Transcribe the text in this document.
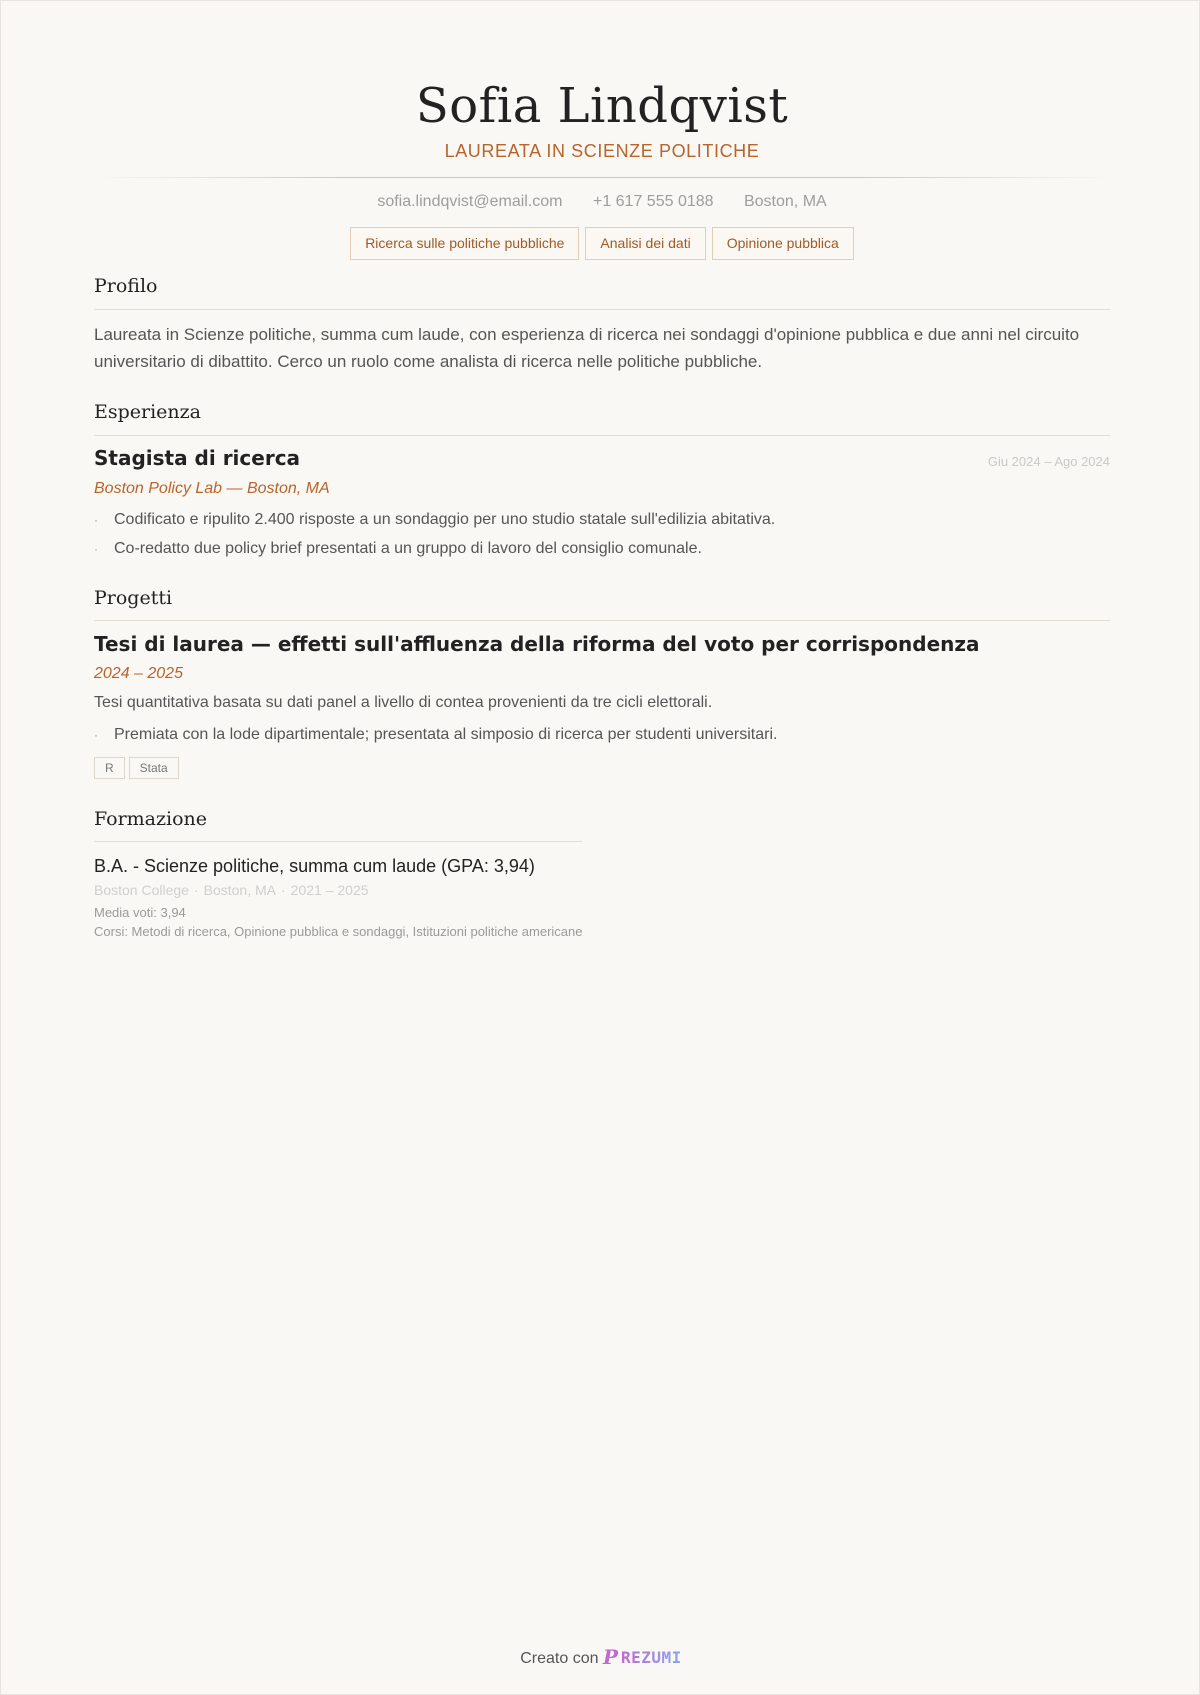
Sofia Lindqvist
LAUREATA IN SCIENZE POLITICHE
sofia.lindqvist@email.com +1 617 555 0188 Boston, MA
Ricerca sulle politiche pubbliche	Analisi dei dati	Opinione pubblica
Profilo
Laureata in Scienze politiche, summa cum laude, con esperienza di ricerca nei sondaggi d'opinione pubblica e due anni nel circuito universitario di dibattito. Cerco un ruolo come analista di ricerca nelle politiche pubbliche.
Esperienza
Stagista di ricerca	Giu 2024 – Ago 2024
Boston Policy Lab — Boston, MA
· Codificato e ripulito 2.400 risposte a un sondaggio per uno studio statale sull'edilizia abitativa.
· Co-redatto due policy brief presentati a un gruppo di lavoro del consiglio comunale.
Progetti
Tesi di laurea — effetti sull'affluenza della riforma del voto per corrispondenza
2024 – 2025
Tesi quantitativa basata su dati panel a livello di contea provenienti da tre cicli elettorali.
· Premiata con la lode dipartimentale; presentata al simposio di ricerca per studenti universitari.
R Stata
Formazione
B.A. - Scienze politiche, summa cum laude (GPA: 3,94)
Boston College · Boston, MA · 2021 – 2025
Media voti: 3,94
Corsi: Metodi di ricerca, Opinione pubblica e sondaggi, Istituzioni politiche americane
Creato con P REZUMI
